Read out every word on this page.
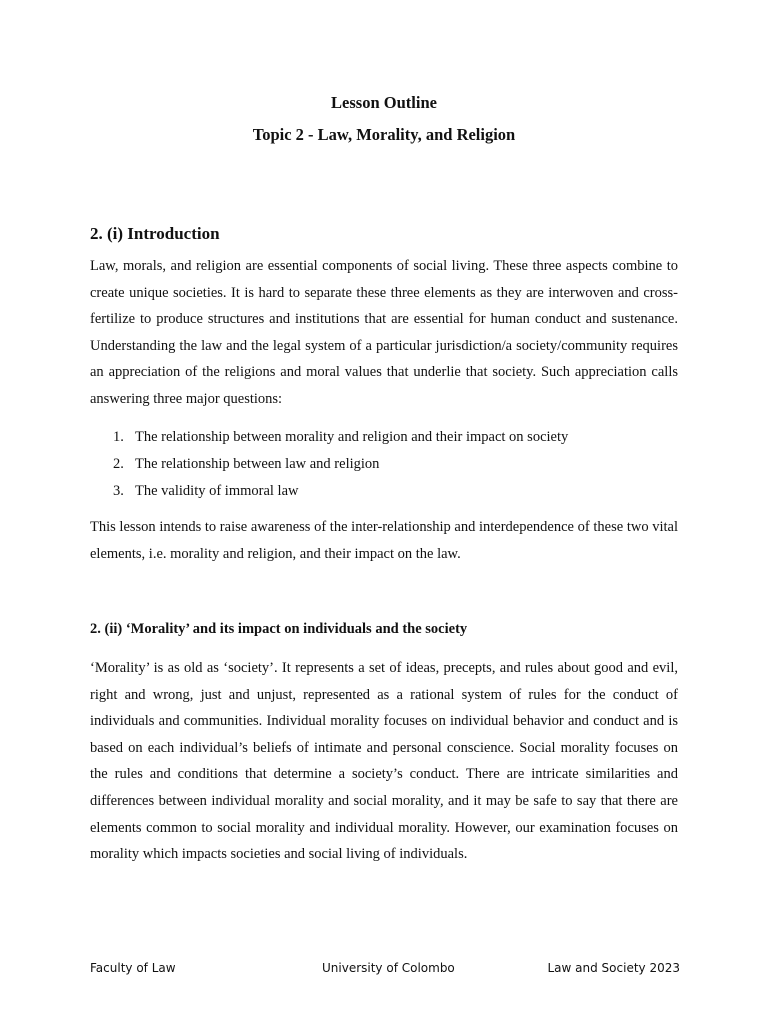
Lesson Outline
Topic 2 - Law, Morality, and Religion
2. (i) Introduction

Law, morals, and religion are essential components of social living. These three aspects combine to create unique societies. It is hard to separate these three elements as they are interwoven and cross-fertilize to produce structures and institutions that are essential for human conduct and sustenance. Understanding the law and the legal system of a particular jurisdiction/a society/community requires an appreciation of the religions and moral values that underlie that society. Such appreciation calls answering three major questions:

1. The relationship between morality and religion and their impact on society
2. The relationship between law and religion
3. The validity of immoral law

This lesson intends to raise awareness of the inter-relationship and interdependence of these two vital elements, i.e. morality and religion, and their impact on the law.

2. (ii) ‘Morality’ and its impact on individuals and the society

‘Morality’ is as old as ‘society’. It represents a set of ideas, precepts, and rules about good and evil, right and wrong, just and unjust, represented as a rational system of rules for the conduct of individuals and communities. Individual morality focuses on individual behavior and conduct and is based on each individual’s beliefs of intimate and personal conscience. Social morality focuses on the rules and conditions that determine a society’s conduct. There are intricate similarities and differences between individual morality and social morality, and it may be safe to say that there are elements common to social morality and individual morality. However, our examination focuses on morality which impacts societies and social living of individuals.

Faculty of Law	University of Colombo	Law and Society 2023
